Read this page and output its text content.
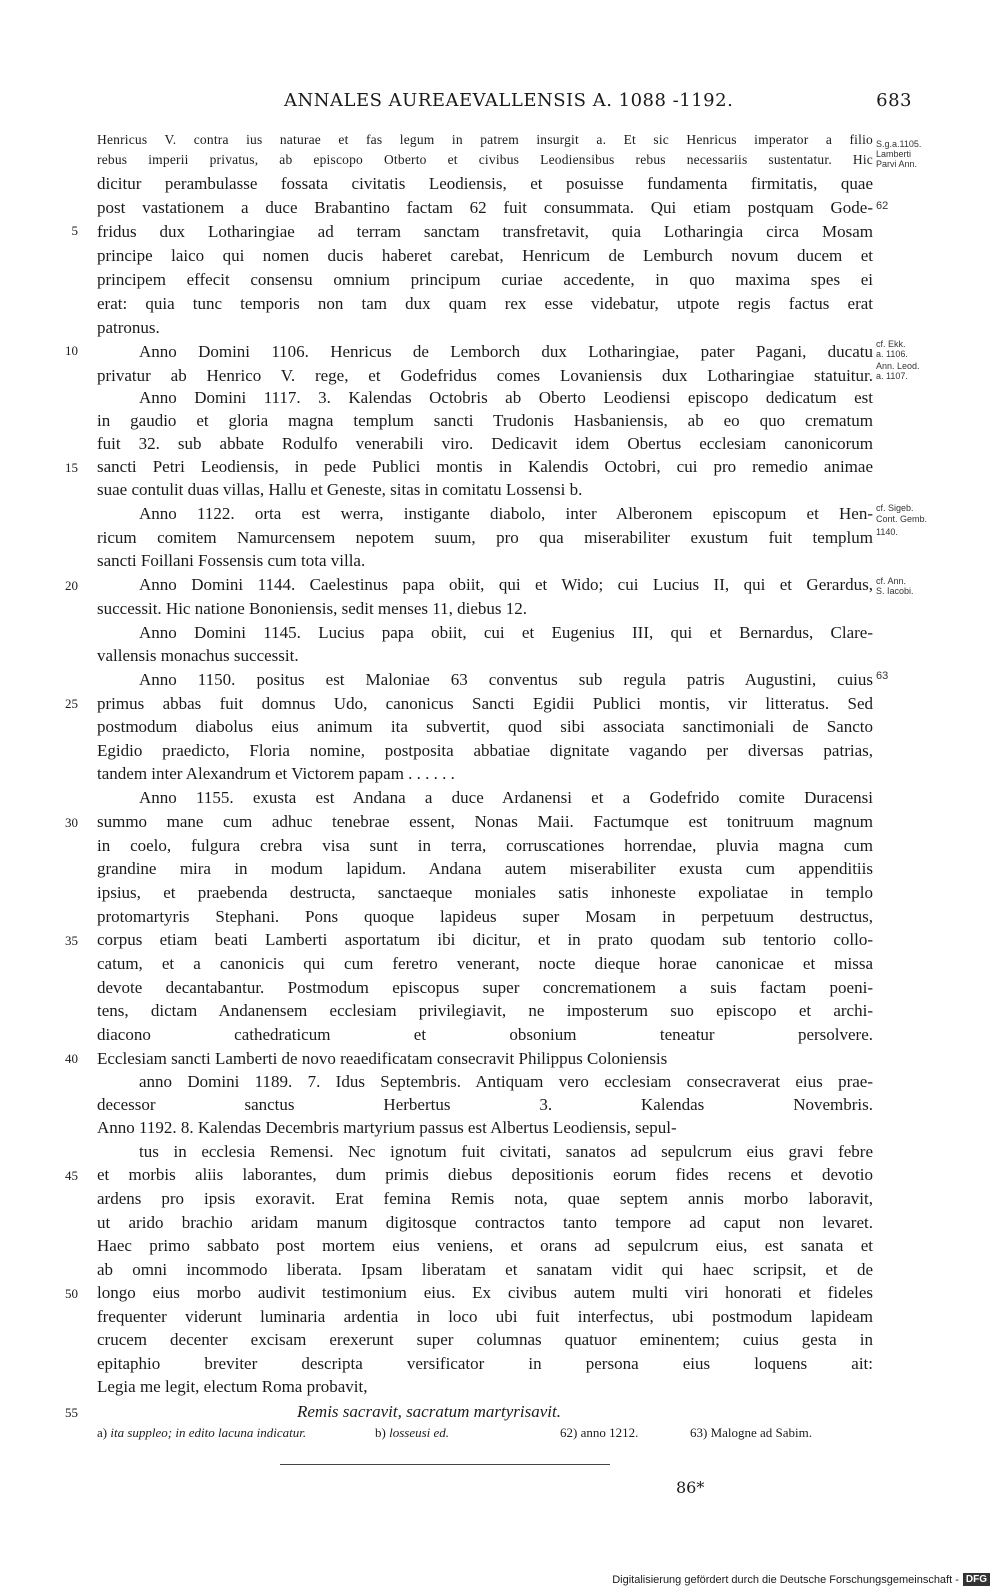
ANNALES AUREAEVALLENSIS A. 1088 -1192.	683
Henricus V. contra ius naturae et fas legum in patrem insurgit a. Et sic Henricus imperator a filio
rebus imperii privatus, ab episcopo Otberto et civibus Leodiensibus rebus necessariis sustentatur. Hic
dicitur perambulasse fossata civitatis Leodiensis, et posuisse fundamenta firmitatis, quae
post vastationem a duce Brabantino factam 62 fuit consummata. Qui etiam postquam Gode-
fridus dux Lotharingiae ad terram sanctam transfretavit, quia Lotharingia circa Mosam
principe laico qui nomen ducis haberet carebat, Henricum de Lemburch novum ducem et
principem effecit consensu omnium principum curiae accedente, in quo maxima spes ei
erat: quia tunc temporis non tam dux quam rex esse videbatur, utpote regis factus erat
patronus.
Anno Domini 1106. Henricus de Lemborch dux Lotharingiae, pater Pagani, ducatu
privatur ab Henrico V. rege, et Godefridus comes Lovaniensis dux Lotharingiae statuitur.
Anno Domini 1117. 3. Kalendas Octobris ab Oberto Leodiensi episcopo dedicatum est
in gaudio et gloria magna templum sancti Trudonis Hasbaniensis, ab eo quo crematum
fuit 32. sub abbate Rodulfo venerabili viro. Dedicavit idem Obertus ecclesiam canonicorum
sancti Petri Leodiensis, in pede Publici montis in Kalendis Octobri, cui pro remedio animae
suae contulit duas villas, Hallu et Geneste, sitas in comitatu Lossensi b.
Anno 1122. orta est werra, instigante diabolo, inter Alberonem episcopum et Hen-
ricum comitem Namurcensem nepotem suum, pro qua miserabiliter exustum fuit templum
sancti Foillani Fossensis cum tota villa.
Anno Domini 1144. Caelestinus papa obiit, qui et Wido; cui Lucius II, qui et Gerardus,
successit. Hic natione Bononiensis, sedit menses 11, diebus 12.
Anno Domini 1145. Lucius papa obiit, cui et Eugenius III, qui et Bernardus, Clare-
vallensis monachus successit.
Anno 1150. positus est Maloniae 63 conventus sub regula patris Augustini, cuius
primus abbas fuit domnus Udo, canonicus Sancti Egidii Publici montis, vir litteratus. Sed
postmodum diabolus eius animum ita subvertit, quod sibi associata sanctimoniali de Sancto
Egidio praedicto, Floria nomine, postposita abbatiae dignitate vagando per diversas patrias,
tandem inter Alexandrum et Victorem papam . . . . . .
Anno 1155. exusta est Andana a duce Ardanensi et a Godefrido comite Duracensi
summo mane cum adhuc tenebrae essent, Nonas Maii. Factumque est tonitruum magnum
in coelo, fulgura crebra visa sunt in terra, corruscationes horrendae, pluvia magna cum
grandine mira in modum lapidum. Andana autem miserabiliter exusta cum appenditiis
ipsius, et praebenda destructa, sanctaeque moniales satis inhoneste expoliatae in templo
protomartyris Stephani. Pons quoque lapideus super Mosam in perpetuum destructus,
corpus etiam beati Lamberti asportatum ibi dicitur, et in prato quodam sub tentorio collo-
catum, et a canonicis qui cum feretro venerant, nocte dieque horae canonicae et missa
devote decantabantur. Postmodum episcopus super concremationem a suis factam poeni-
tens, dictam Andanensem ecclesiam privilegiavit, ne imposterum suo episcopo et archi-
diacono cathedraticum et obsonium teneatur persolvere.
Ecclesiam sancti Lamberti de novo reaedificatam consecravit Philippus Coloniensis
anno Domini 1189. 7. Idus Septembris. Antiquam vero ecclesiam consecraverat eius prae-
decessor sanctus Herbertus 3. Kalendas Novembris.
Anno 1192. 8. Kalendas Decembris martyrium passus est Albertus Leodiensis, sepul-
tus in ecclesia Remensi. Nec ignotum fuit civitati, sanatos ad sepulcrum eius gravi febre
et morbis aliis laborantes, dum primis diebus depositionis eorum fides recens et devotio
ardens pro ipsis exoravit. Erat femina Remis nota, quae septem annis morbo laboravit,
ut arido brachio aridam manum digitosque contractos tanto tempore ad caput non levaret.
Haec primo sabbato post mortem eius veniens, et orans ad sepulcrum eius, est sanata et
ab omni incommodo liberata. Ipsam liberatam et sanatam vidit qui haec scripsit, et de
longo eius morbo audivit testimonium eius. Ex civibus autem multi viri honorati et fideles
frequenter viderunt luminaria ardentia in loco ubi fuit interfectus, ubi postmodum lapideam
crucem decenter excisam erexerunt super columnas quatuor eminentem; cuius gesta in
epitaphio breviter descripta versificator in persona eius loquens ait:
Legia me legit, electum Roma probavit,
Remis sacravit, sacratum martyrisavit.
5
10
15
20
25
30
35
40
45
50
55
S.g.a.1105.
Lamberti
Parvi Ann.
62
cf. Ekk.
a. 1106.
Ann. Leod.
a. 1107.
cf. Sigeb.
Cont. Gemb.
1140.
cf. Ann.
S. Iacobi.
63
a) ita suppleo; in edito lacuna indicatur.	b) losseusi ed.	62) anno 1212.	63) Malogne ad Sabim.
86*
Digitalisierung gefördert durch die Deutsche Forschungsgemeinschaft - DFG
